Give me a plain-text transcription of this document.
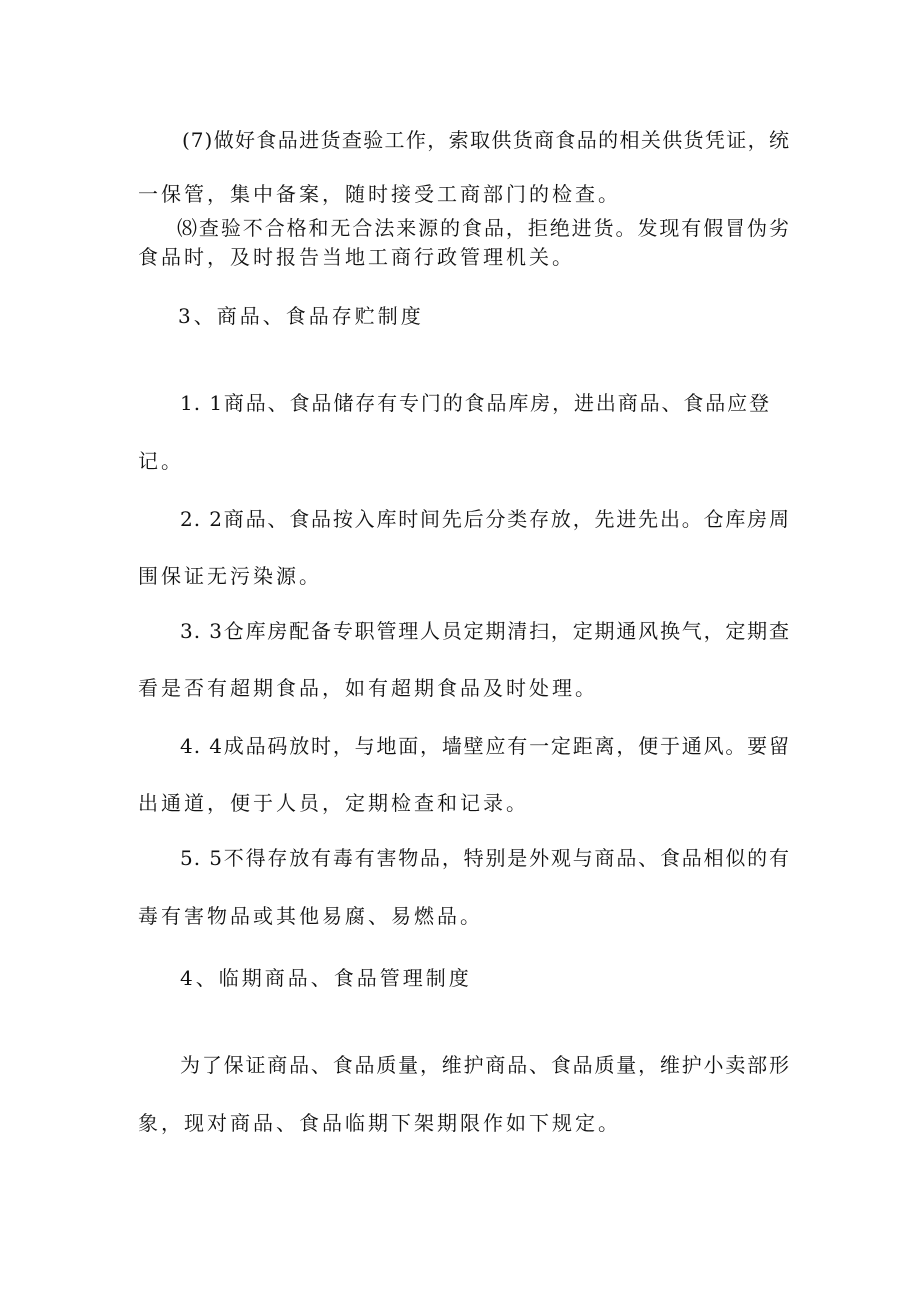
(7)做好食品进货查验工作，索取供货商食品的相关供货凭证，统
一保管，集中备案，随时接受工商部门的检查。
⑻查验不合格和无合法来源的食品，拒绝进货。发现有假冒伪劣
食品时，及时报告当地工商行政管理机关。
3、商品、食品存贮制度
1. 1商品、食品储存有专门的食品库房，进出商品、食品应登
记。
2. 2商品、食品按入库时间先后分类存放，先进先出。仓库房周
围保证无污染源。
3. 3仓库房配备专职管理人员定期清扫，定期通风换气，定期查
看是否有超期食品，如有超期食品及时处理。
4. 4成品码放时，与地面，墙壁应有一定距离，便于通风。要留
出通道，便于人员，定期检查和记录。
5. 5不得存放有毒有害物品，特别是外观与商品、食品相似的有
毒有害物品或其他易腐、易燃品。
4、临期商品、食品管理制度
为了保证商品、食品质量，维护商品、食品质量，维护小卖部形
象，现对商品、食品临期下架期限作如下规定。
